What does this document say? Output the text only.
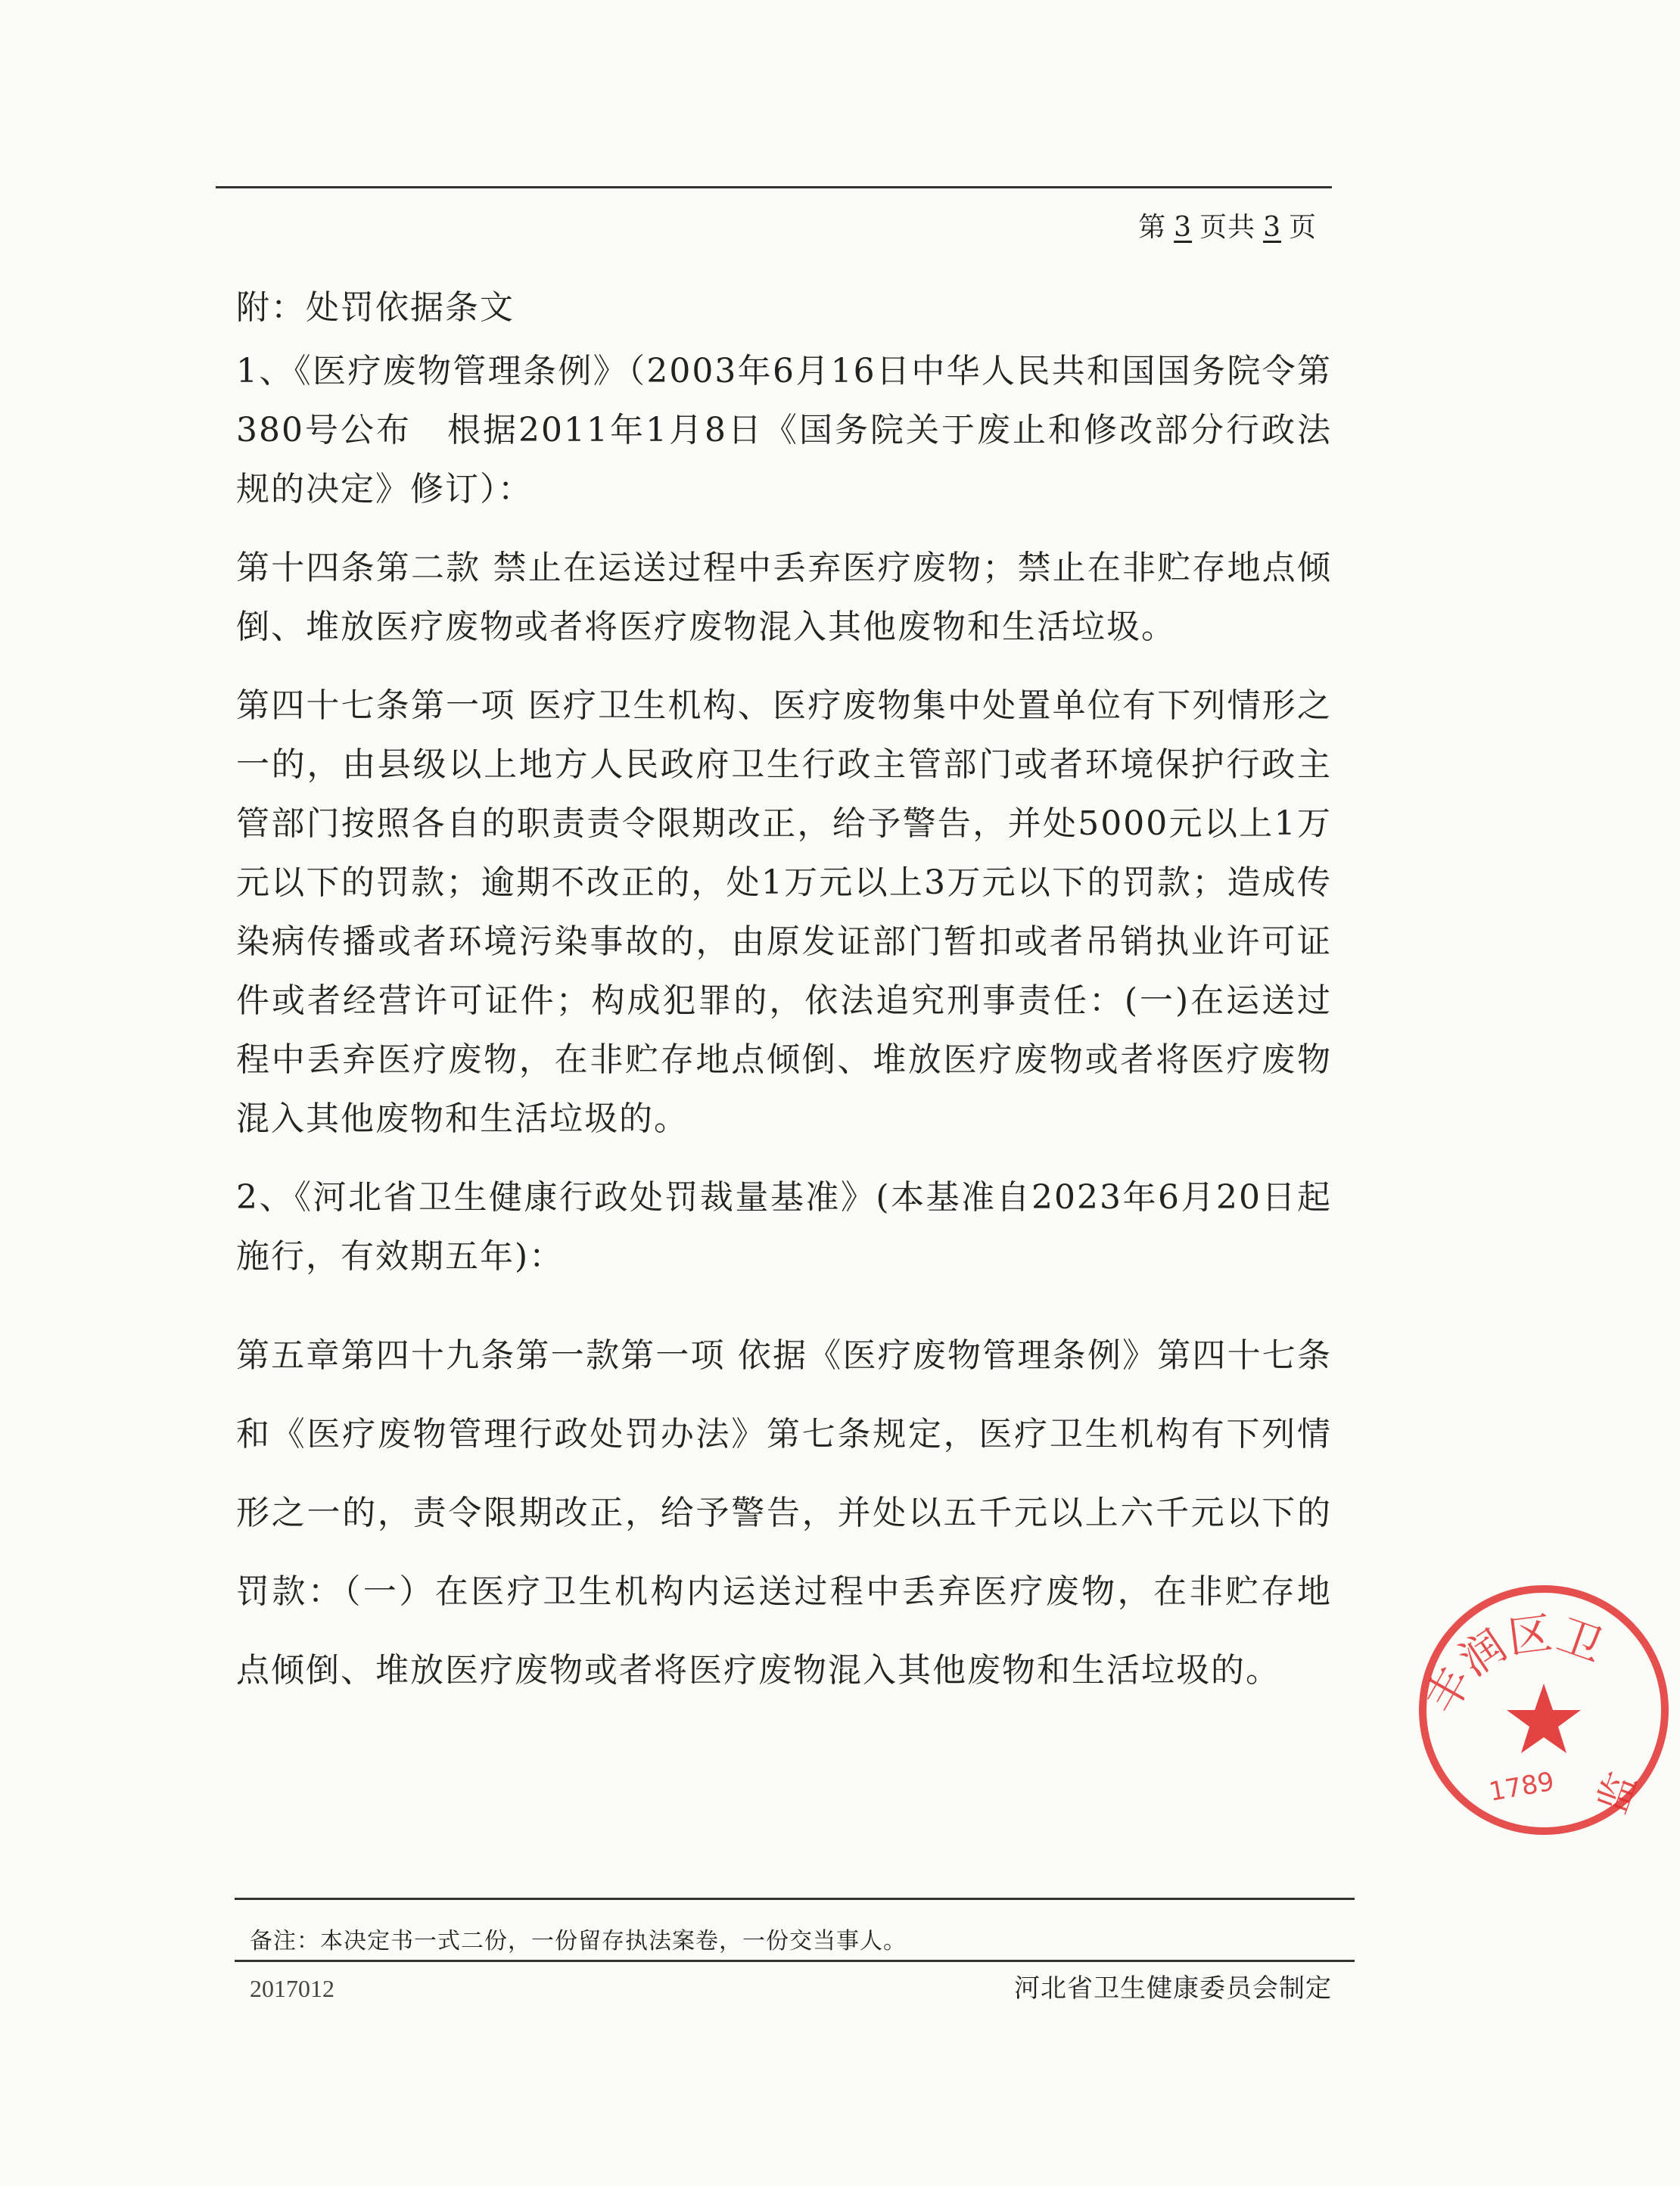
第 3 页共 3 页
附：处罚依据条文

1、《医疗废物管理条例》（2003年6月16日中华人民共和国国务院令第380号公布　根据2011年1月8日《国务院关于废止和修改部分行政法规的决定》修订）：

第十四条第二款 禁止在运送过程中丢弃医疗废物；禁止在非贮存地点倾倒、堆放医疗废物或者将医疗废物混入其他废物和生活垃圾。

第四十七条第一项 医疗卫生机构、医疗废物集中处置单位有下列情形之一的，由县级以上地方人民政府卫生行政主管部门或者环境保护行政主管部门按照各自的职责责令限期改正，给予警告，并处5000元以上1万元以下的罚款；逾期不改正的，处1万元以上3万元以下的罚款；造成传染病传播或者环境污染事故的，由原发证部门暂扣或者吊销执业许可证件或者经营许可证件；构成犯罪的，依法追究刑事责任：(一)在运送过程中丢弃医疗废物，在非贮存地点倾倒、堆放医疗废物或者将医疗废物混入其他废物和生活垃圾的。

2、《河北省卫生健康行政处罚裁量基准》(本基准自2023年6月20日起施行，有效期五年)：

第五章第四十九条第一款第一项 依据《医疗废物管理条例》第四十七条和《医疗废物管理行政处罚办法》第七条规定，医疗卫生机构有下列情形之一的，责令限期改正，给予警告，并处以五千元以上六千元以下的罚款：（一）在医疗卫生机构内运送过程中丢弃医疗废物，在非贮存地点倾倒、堆放医疗废物或者将医疗废物混入其他废物和生活垃圾的。	丰润区卫
1789 监
备注：本决定书一式二份，一份留存执法案卷，一份交当事人。
2017012	河北省卫生健康委员会制定
